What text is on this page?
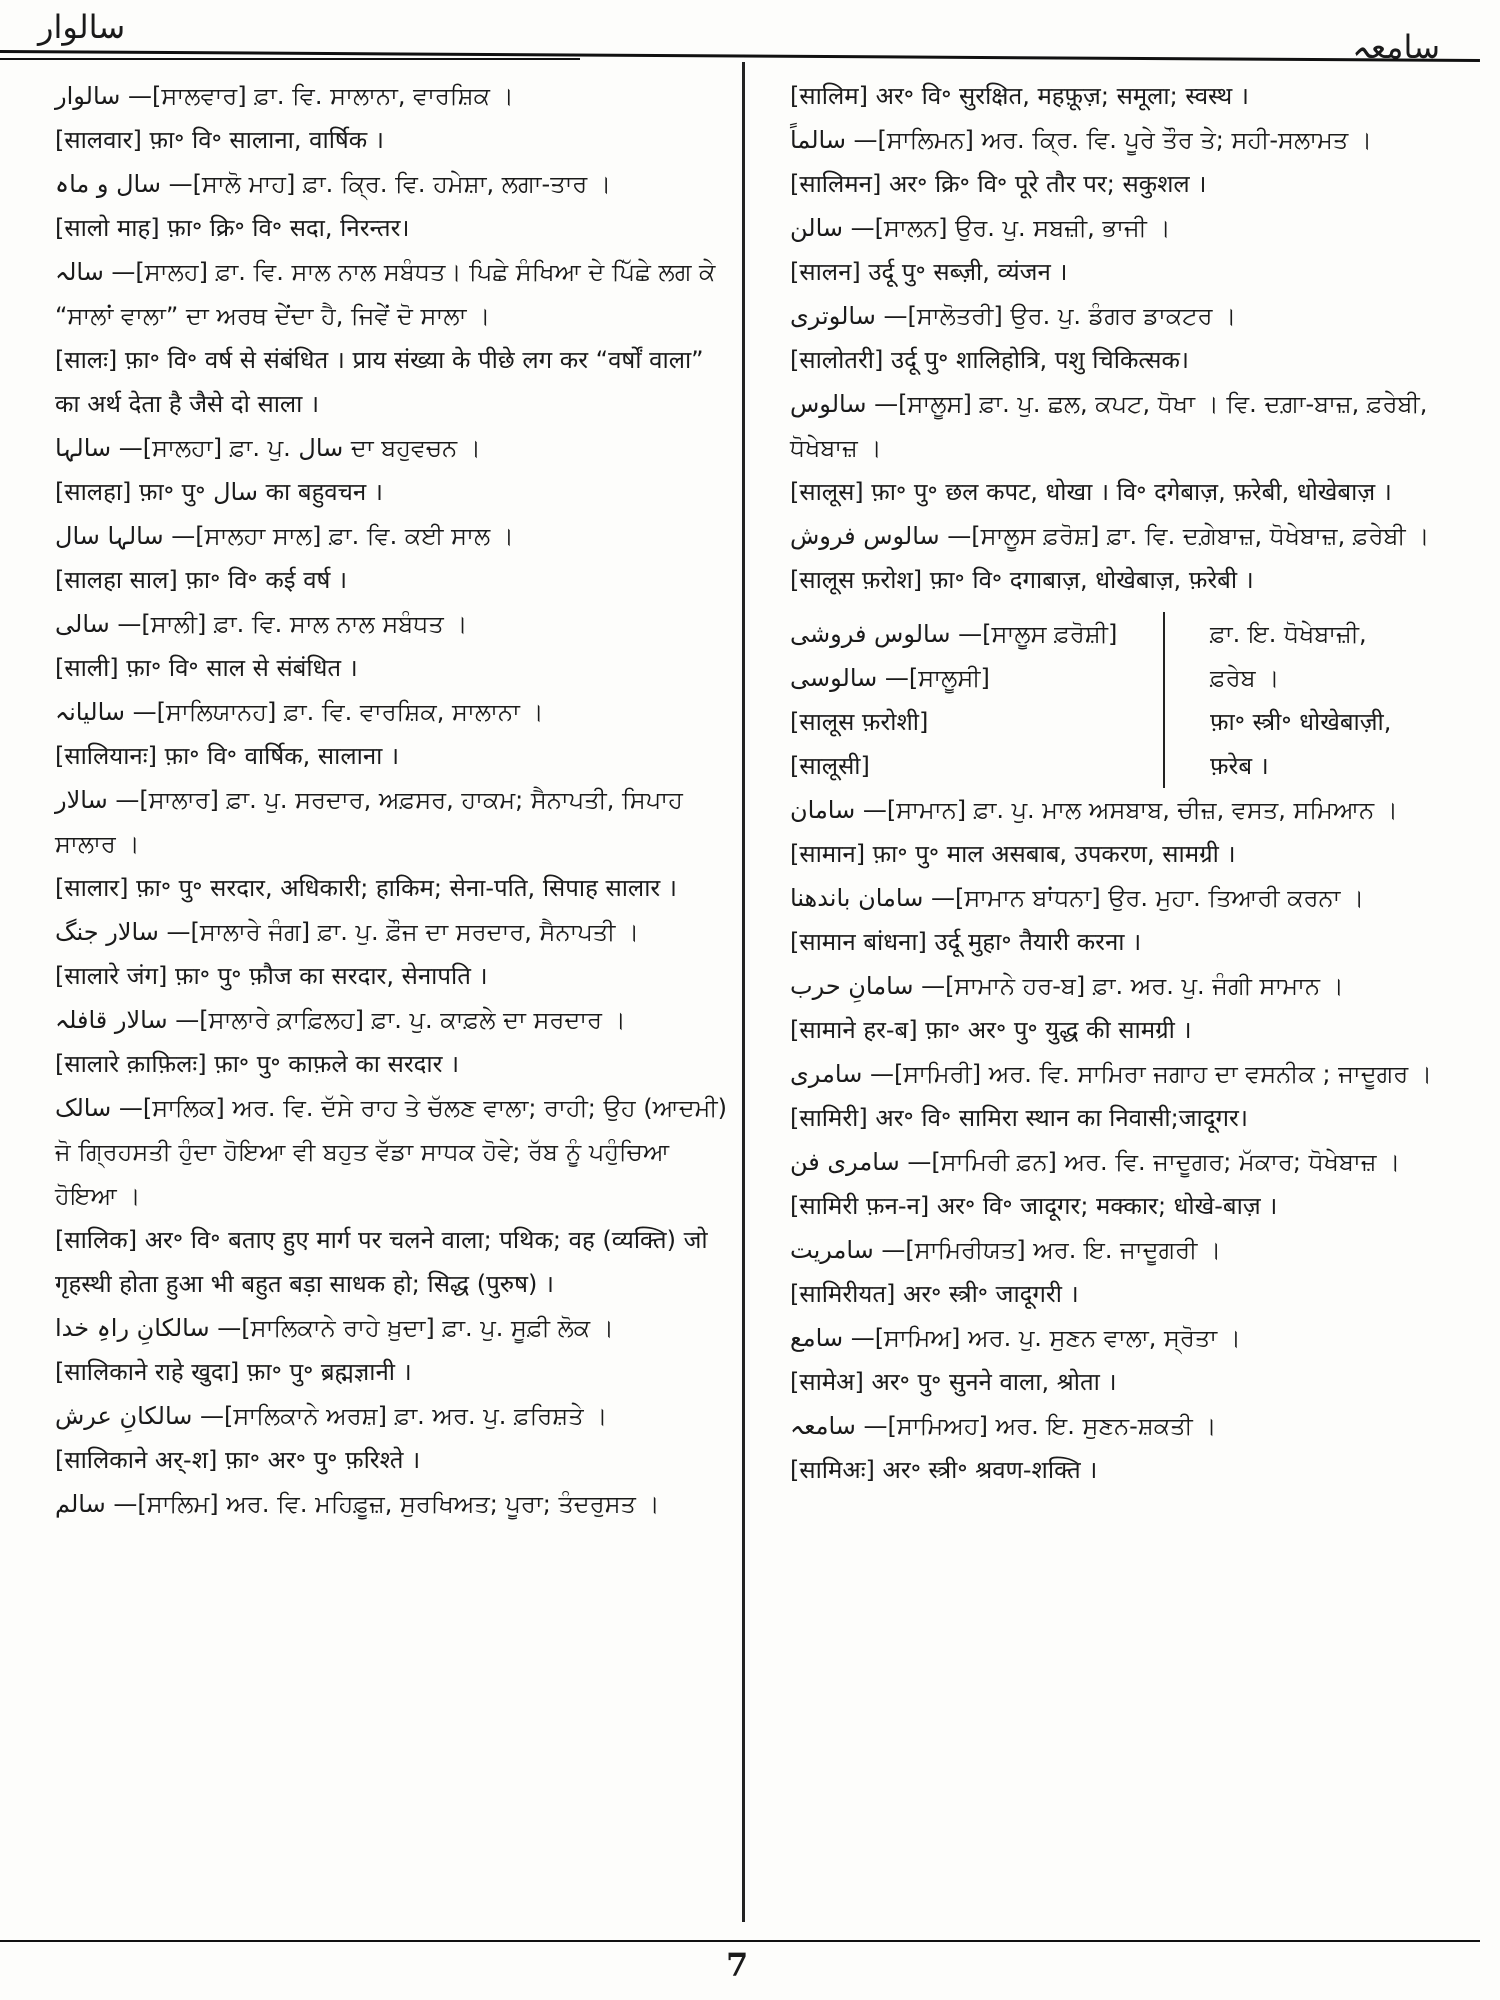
سالوار
سامعہ
سالوار —[ਸਾਲਵਾਰ] ਫ਼ਾ. ਵਿ. ਸਾਲਾਨਾ, ਵਾਰਸ਼ਿਕ ।
[सालवार] फ़ा॰ वि॰ सालाना, वार्षिक ।
سال و ماہ —[ਸਾਲੋ ਮਾਹ] ਫ਼ਾ. ਕ੍ਰਿ. ਵਿ. ਹਮੇਸ਼ਾ, ਲਗਾ-ਤਾਰ ।
[सालो माह] फ़ा॰ क्रि॰ वि॰ सदा, निरन्तर।
سالہ —[ਸਾਲਹ] ਫ਼ਾ. ਵਿ. ਸਾਲ ਨਾਲ ਸਬੰਧਤ। ਪਿਛੇ ਸੰਖਿਆ ਦੇ ਪਿੱਛੇ ਲਗ ਕੇ “ਸਾਲਾਂ ਵਾਲਾ” ਦਾ ਅਰਥ ਦੇਂਦਾ ਹੈ, ਜਿਵੇਂ ਦੋ ਸਾਲਾ ।
[सालः] फ़ा॰ वि॰ वर्ष से संबंधित । प्राय संख्या के पीछे लग कर “वर्षों वाला” का अर्थ देता है जैसे दो साला ।
سالہا —[ਸਾਲਹਾ] ਫ਼ਾ. ਪੁ. سال ਦਾ ਬਹੁਵਚਨ ।
[सालहा] फ़ा॰ पु॰ سال का बहुवचन ।
سالہا سال —[ਸਾਲਹਾ ਸਾਲ] ਫ਼ਾ. ਵਿ. ਕਈ ਸਾਲ ।
[सालहा साल] फ़ा॰ वि॰ कई वर्ष ।
سالی —[ਸਾਲੀ] ਫ਼ਾ. ਵਿ. ਸਾਲ ਨਾਲ ਸਬੰਧਤ ।
[साली] फ़ा॰ वि॰ साल से संबंधित ।
سالیانہ —[ਸਾਲਿਯਾਨਹ] ਫ਼ਾ. ਵਿ. ਵਾਰਸ਼ਿਕ, ਸਾਲਾਨਾ ।
[सालियानः] फ़ा॰ वि॰ वार्षिक, सालाना ।
سالار —[ਸਾਲਾਰ] ਫ਼ਾ. ਪੁ. ਸਰਦਾਰ, ਅਫ਼ਸਰ, ਹਾਕਮ; ਸੈਨਾਪਤੀ, ਸਿਪਾਹ ਸਾਲਾਰ ।
[सालार] फ़ा॰ पु॰ सरदार, अधिकारी; हाकिम; सेना-पति, सिपाह सालार ।
سالار جنگ —[ਸਾਲਾਰੇ ਜੰਗ] ਫ਼ਾ. ਪੁ. ਫ਼ੌਜ ਦਾ ਸਰਦਾਰ, ਸੈਨਾਪਤੀ ।
[सालारे जंग] फ़ा॰ पु॰ फ़ौज का सरदार, सेनापति ।
سالار قافلہ —[ਸਾਲਾਰੇ ਕ਼ਾਫ਼ਿਲਹ] ਫ਼ਾ. ਪੁ. ਕਾਫ਼ਲੇ ਦਾ ਸਰਦਾਰ ।
[सालारे क़ाफ़िलः] फ़ा॰ पु॰ काफ़ले का सरदार ।
سالک —[ਸਾਲਿਕ] ਅਰ. ਵਿ. ਦੱਸੇ ਰਾਹ ਤੇ ਚੱਲਣ ਵਾਲਾ; ਰਾਹੀ; ਉਹ (ਆਦਮੀ) ਜੋ ਗ੍ਰਿਹਸਤੀ ਹੁੰਦਾ ਹੋਇਆ ਵੀ ਬਹੁਤ ਵੱਡਾ ਸਾਧਕ ਹੋਵੇ; ਰੱਬ ਨੂੰ ਪਹੁੰਚਿਆ ਹੋਇਆ ।
[सालिक] अर॰ वि॰ बताए हुए मार्ग पर चलने वाला; पथिक; वह (व्यक्ति) जो गृहस्थी होता हुआ भी बहुत बड़ा साधक हो; सिद्ध (पुरुष) ।
سالکانِ راہِ خدا —[ਸਾਲਿਕਾਨੇ ਰਾਹੇ ਖ਼ੁਦਾ] ਫ਼ਾ. ਪੁ. ਸੂਫ਼ੀ ਲੋਕ ।
[सालिकाने राहे खुदा] फ़ा॰ पु॰ ब्रह्मज्ञानी ।
سالکانِ عرش —[ਸਾਲਿਕਾਨੇ ਅਰਸ਼] ਫ਼ਾ. ਅਰ. ਪੁ. ਫ਼ਰਿਸ਼ਤੇ ।
[सालिकाने अर्-श] फ़ा॰ अर॰ पु॰ फ़रिश्ते ।
سالم —[ਸਾਲਿਮ] ਅਰ. ਵਿ. ਮਹਿਫ਼ੂਜ਼, ਸੁਰਖਿਅਤ; ਪੂਰਾ; ਤੰਦਰੁਸਤ ।
[सालिम] अर॰ वि॰ सुरक्षित, महफ़ूज़; समूला; स्वस्थ ।
سالماً —[ਸਾਲਿਮਨ] ਅਰ. ਕ੍ਰਿ. ਵਿ. ਪੂਰੇ ਤੌਰ ਤੇ; ਸਹੀ-ਸਲਾਮਤ ।
[सालिमन] अर॰ क्रि॰ वि॰ पूरे तौर पर; सकुशल ।
سالن —[ਸਾਲਨ] ਉਰ. ਪੁ. ਸਬਜ਼ੀ, ਭਾਜੀ ।
[सालन] उर्दू पु॰ सब्ज़ी, व्यंजन ।
سالوتری —[ਸਾਲੋਤਰੀ] ਉਰ. ਪੁ. ਡੰਗਰ ਡਾਕਟਰ ।
[सालोतरी] उर्दू पु॰ शालिहोत्रि, पशु चिकित्सक।
سالوس —[ਸਾਲੂਸ] ਫ਼ਾ. ਪੁ. ਛਲ, ਕਪਟ, ਧੋਖਾ । ਵਿ. ਦਗ਼ਾ-ਬਾਜ਼, ਫ਼ਰੇਬੀ, ਧੋਖੇਬਾਜ਼ ।
[सालूस] फ़ा॰ पु॰ छल कपट, धोखा । वि॰ दगेबाज़, फ़रेबी, धोखेबाज़ ।
سالوس فروش —[ਸਾਲੂਸ ਫ਼ਰੋਸ਼] ਫ਼ਾ. ਵਿ. ਦਗ਼ੇਬਾਜ਼, ਧੋਖੇਬਾਜ਼, ਫ਼ਰੇਬੀ ।
[सालूस फ़रोश] फ़ा॰ वि॰ दगाबाज़, धोखेबाज़, फ़रेबी ।
سالوس فروشی —[ਸਾਲੂਸ ਫ਼ਰੋਸ਼ੀ]
سالوسی —[ਸਾਲੂਸੀ]
[सालूस फ़रोशी]
[सालूसी]
ਫ਼ਾ. ਇ. ਧੋਖੇਬਾਜ਼ੀ,
ਫ਼ਰੇਬ ।
फ़ा॰ स्त्री॰ धोखेबाज़ी,
फ़रेब ।
سامان —[ਸਾਮਾਨ] ਫ਼ਾ. ਪੁ. ਮਾਲ ਅਸਬਾਬ, ਚੀਜ਼, ਵਸਤ, ਸਮਿਆਨ ।
[सामान] फ़ा॰ पु॰ माल असबाब, उपकरण, सामग्री ।
سامان باندھنا —[ਸਾਮਾਨ ਬਾਂਧਨਾ] ਉਰ. ਮੁਹਾ. ਤਿਆਰੀ ਕਰਨਾ ।
[सामान बांधना] उर्दू मुहा॰ तैयारी करना ।
سامانِ حرب —[ਸਾਮਾਨੇ ਹਰ-ਬ] ਫ਼ਾ. ਅਰ. ਪੁ. ਜੰਗੀ ਸਾਮਾਨ ।
[सामाने हर-ब] फ़ा॰ अर॰ पु॰ युद्ध की सामग्री ।
سامری —[ਸਾਮਿਰੀ] ਅਰ. ਵਿ. ਸਾਮਿਰਾ ਜਗਾਹ ਦਾ ਵਸਨੀਕ ; ਜਾਦੂਗਰ ।
[सामिरी] अर॰ वि॰ सामिरा स्थान का निवासी;जादूगर।
سامری فن —[ਸਾਮਿਰੀ ਫ਼ਨ] ਅਰ. ਵਿ. ਜਾਦੂਗਰ; ਮੱਕਾਰ; ਧੋਖੇਬਾਜ਼ ।
[सामिरी फ़न-न] अर॰ वि॰ जादूगर; मक्कार; धोखे-बाज़ ।
سامریت —[ਸਾਮਿਰੀਯਤ] ਅਰ. ਇ. ਜਾਦੂਗਰੀ ।
[सामिरीयत] अर॰ स्त्री॰ जादूगरी ।
سامع —[ਸਾਮਿਅ] ਅਰ. ਪੁ. ਸੁਣਨ ਵਾਲਾ, ਸ੍ਰੋਤਾ ।
[सामेअ] अर॰ पु॰ सुनने वाला, श्रोता ।
سامعہ —[ਸਾਮਿਅਹ] ਅਰ. ਇ. ਸੁਣਨ-ਸ਼ਕਤੀ ।
[सामिअः] अर॰ स्त्री॰ श्रवण-शक्ति ।
7
